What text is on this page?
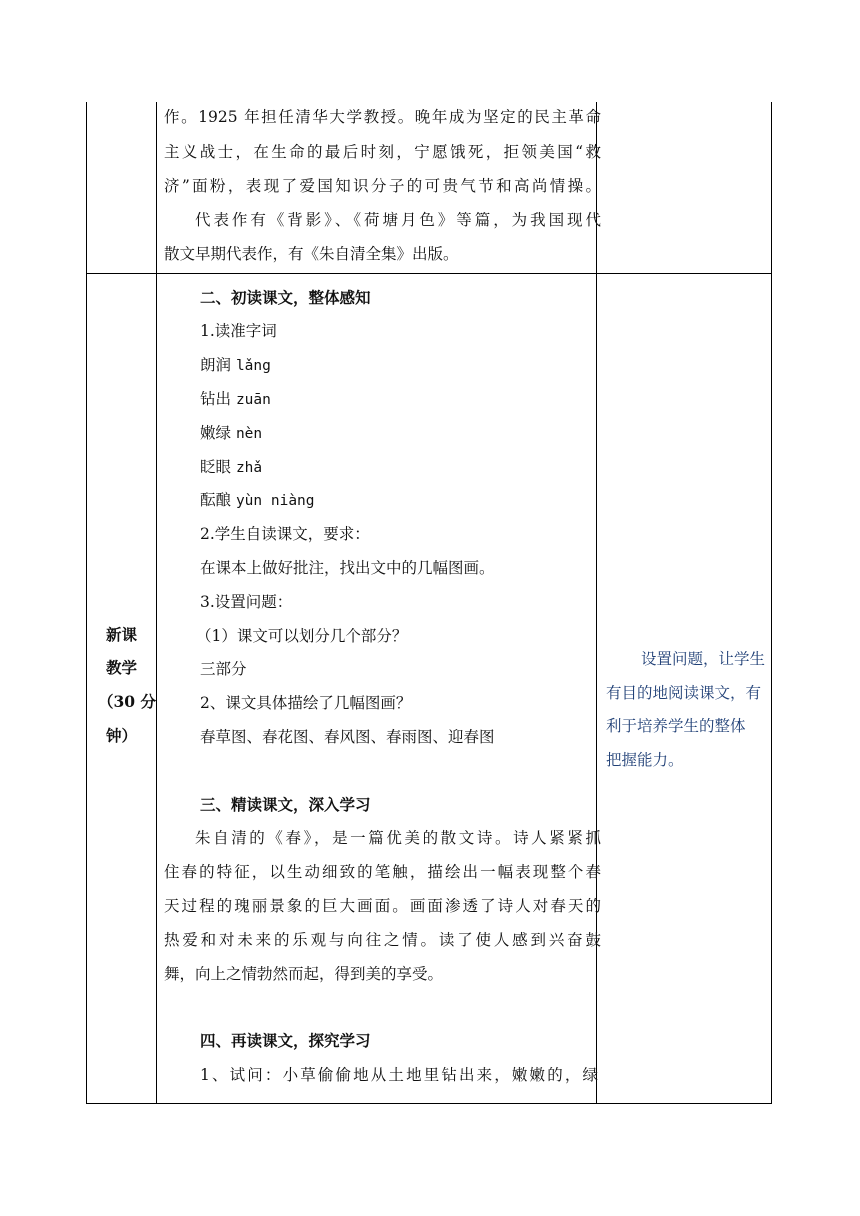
作。1925 年担任清华大学教授。晚年成为坚定的民主革命
主义战士，在生命的最后时刻，宁愿饿死，拒领美国“救
济”面粉，表现了爱国知识分子的可贵气节和高尚情操。
代表作有《背影》、《荷塘月色》等篇，为我国现代
散文早期代表作，有《朱自清全集》出版。
新课
教学
（30 分
钟）
二、初读课文，整体感知
1.读准字词
朗润 lǎng
钻出 zuān
嫩绿 nèn
眨眼 zhǎ
酝酿 yùn niàng
2.学生自读课文，要求：
在课本上做好批注，找出文中的几幅图画。
3.设置问题：
（1）课文可以划分几个部分？
三部分
2、课文具体描绘了几幅图画？
春草图、春花图、春风图、春雨图、迎春图
三、精读课文，深入学习
朱自清的《春》，是一篇优美的散文诗。诗人紧紧抓
住春的特征，以生动细致的笔触，描绘出一幅表现整个春
天过程的瑰丽景象的巨大画面。画面渗透了诗人对春天的
热爱和对未来的乐观与向往之情。读了使人感到兴奋鼓
舞，向上之情勃然而起，得到美的享受。
四、再读课文，探究学习
1、试问：小草偷偷地从土地里钻出来，嫩嫩的，绿
设置问题，让学生
有目的地阅读课文，有
利于培养学生的整体
把握能力。
